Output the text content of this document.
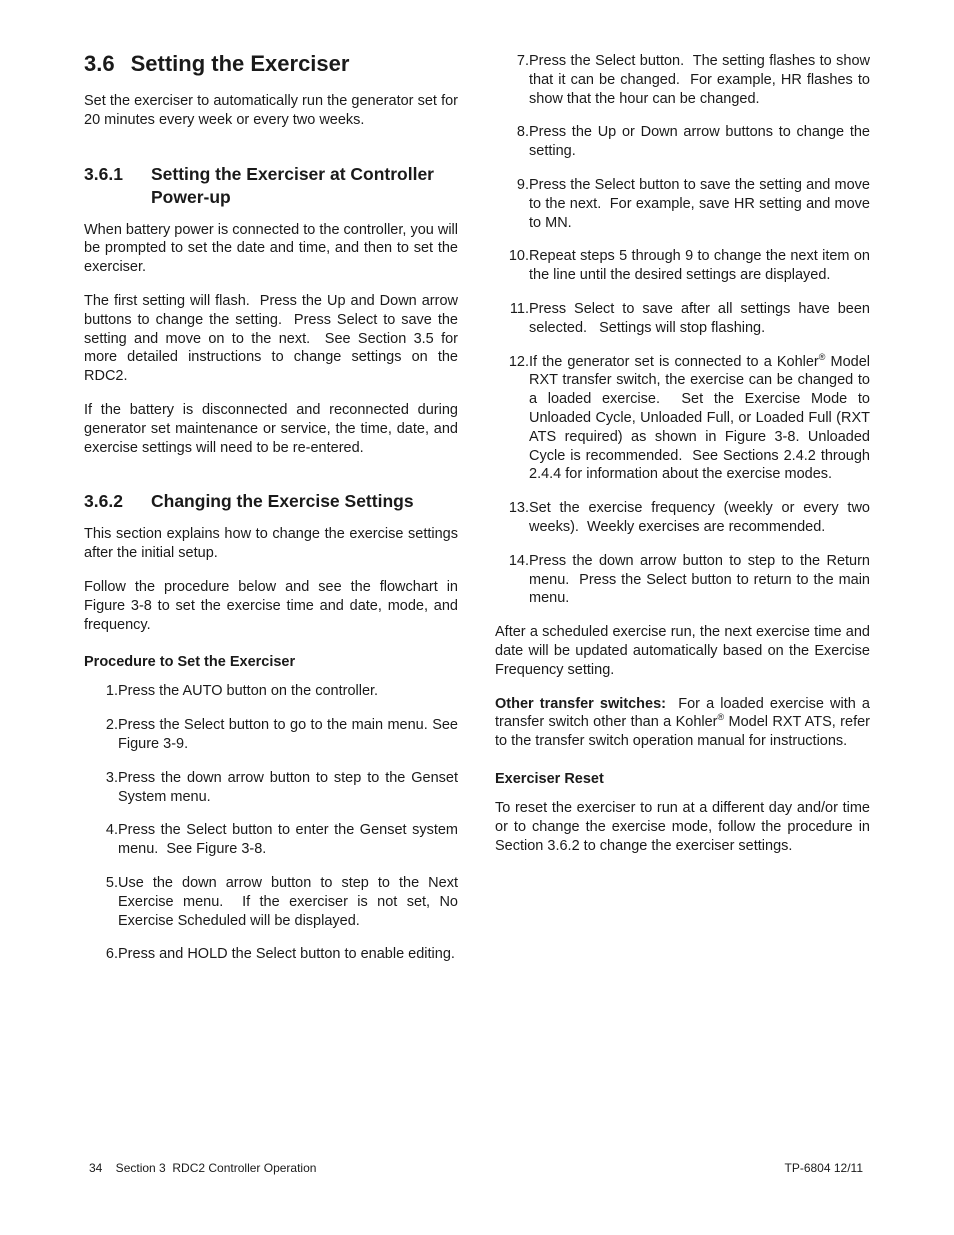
3.6 Setting the Exerciser

Set the exerciser to automatically run the generator set for 20 minutes every week or every two weeks.

3.6.1	Setting the Exerciser at Controller Power-up

When battery power is connected to the controller, you will be prompted to set the date and time, and then to set the exerciser.

The first setting will flash.  Press the Up and Down arrow buttons to change the setting.  Press Select to save the setting and move on to the next.  See Section 3.5 for more detailed instructions to change settings on the RDC2.

If the battery is disconnected and reconnected during generator set maintenance or service, the time, date, and exercise settings will need to be re-entered.

3.6.2	Changing the Exercise Settings

This section explains how to change the exercise settings after the initial setup.

Follow the procedure below and see the flowchart in Figure 3-8 to set the exercise time and date, mode, and frequency.

Procedure to Set the Exerciser
1. Press the AUTO button on the controller.
2. Press the Select button to go to the main menu. See Figure 3-9.
3. Press the down arrow button to step to the Genset System menu.
4. Press the Select button to enter the Genset system menu.  See Figure 3-8.
5. Use the down arrow button to step to the Next Exercise menu.  If the exerciser is not set, No Exercise Scheduled will be displayed.
6. Press and HOLD the Select button to enable editing.
7. Press the Select button.  The setting flashes to show that it can be changed.  For example, HR flashes to show that the hour can be changed.
8. Press the Up or Down arrow buttons to change the setting.
9. Press the Select button to save the setting and move to the next.  For example, save HR setting and move to MN.
10. Repeat steps 5 through 9 to change the next item on the line until the desired settings are displayed.
11. Press Select to save after all settings have been selected.   Settings will stop flashing.
12. If the generator set is connected to a Kohler® Model RXT transfer switch, the exercise can be changed to a loaded exercise.  Set the Exercise Mode to Unloaded Cycle, Unloaded Full, or Loaded Full (RXT ATS required) as shown in Figure 3-8. Unloaded Cycle is recommended.  See Sections 2.4.2 through 2.4.4 for information about the exercise modes.
13. Set the exercise frequency (weekly or every two weeks).  Weekly exercises are recommended.
14. Press the down arrow button to step to the Return menu.  Press the Select button to return to the main menu.

After a scheduled exercise run, the next exercise time and date will be updated automatically based on the Exercise Frequency setting.

Other transfer switches:  For a loaded exercise with a transfer switch other than a Kohler® Model RXT ATS, refer to the transfer switch operation manual for instructions.

Exerciser Reset

To reset the exerciser to run at a different day and/or time or to change the exercise mode, follow the procedure in Section 3.6.2 to change the exerciser settings.

34    Section 3  RDC2 Controller Operation	TP-6804 12/11
